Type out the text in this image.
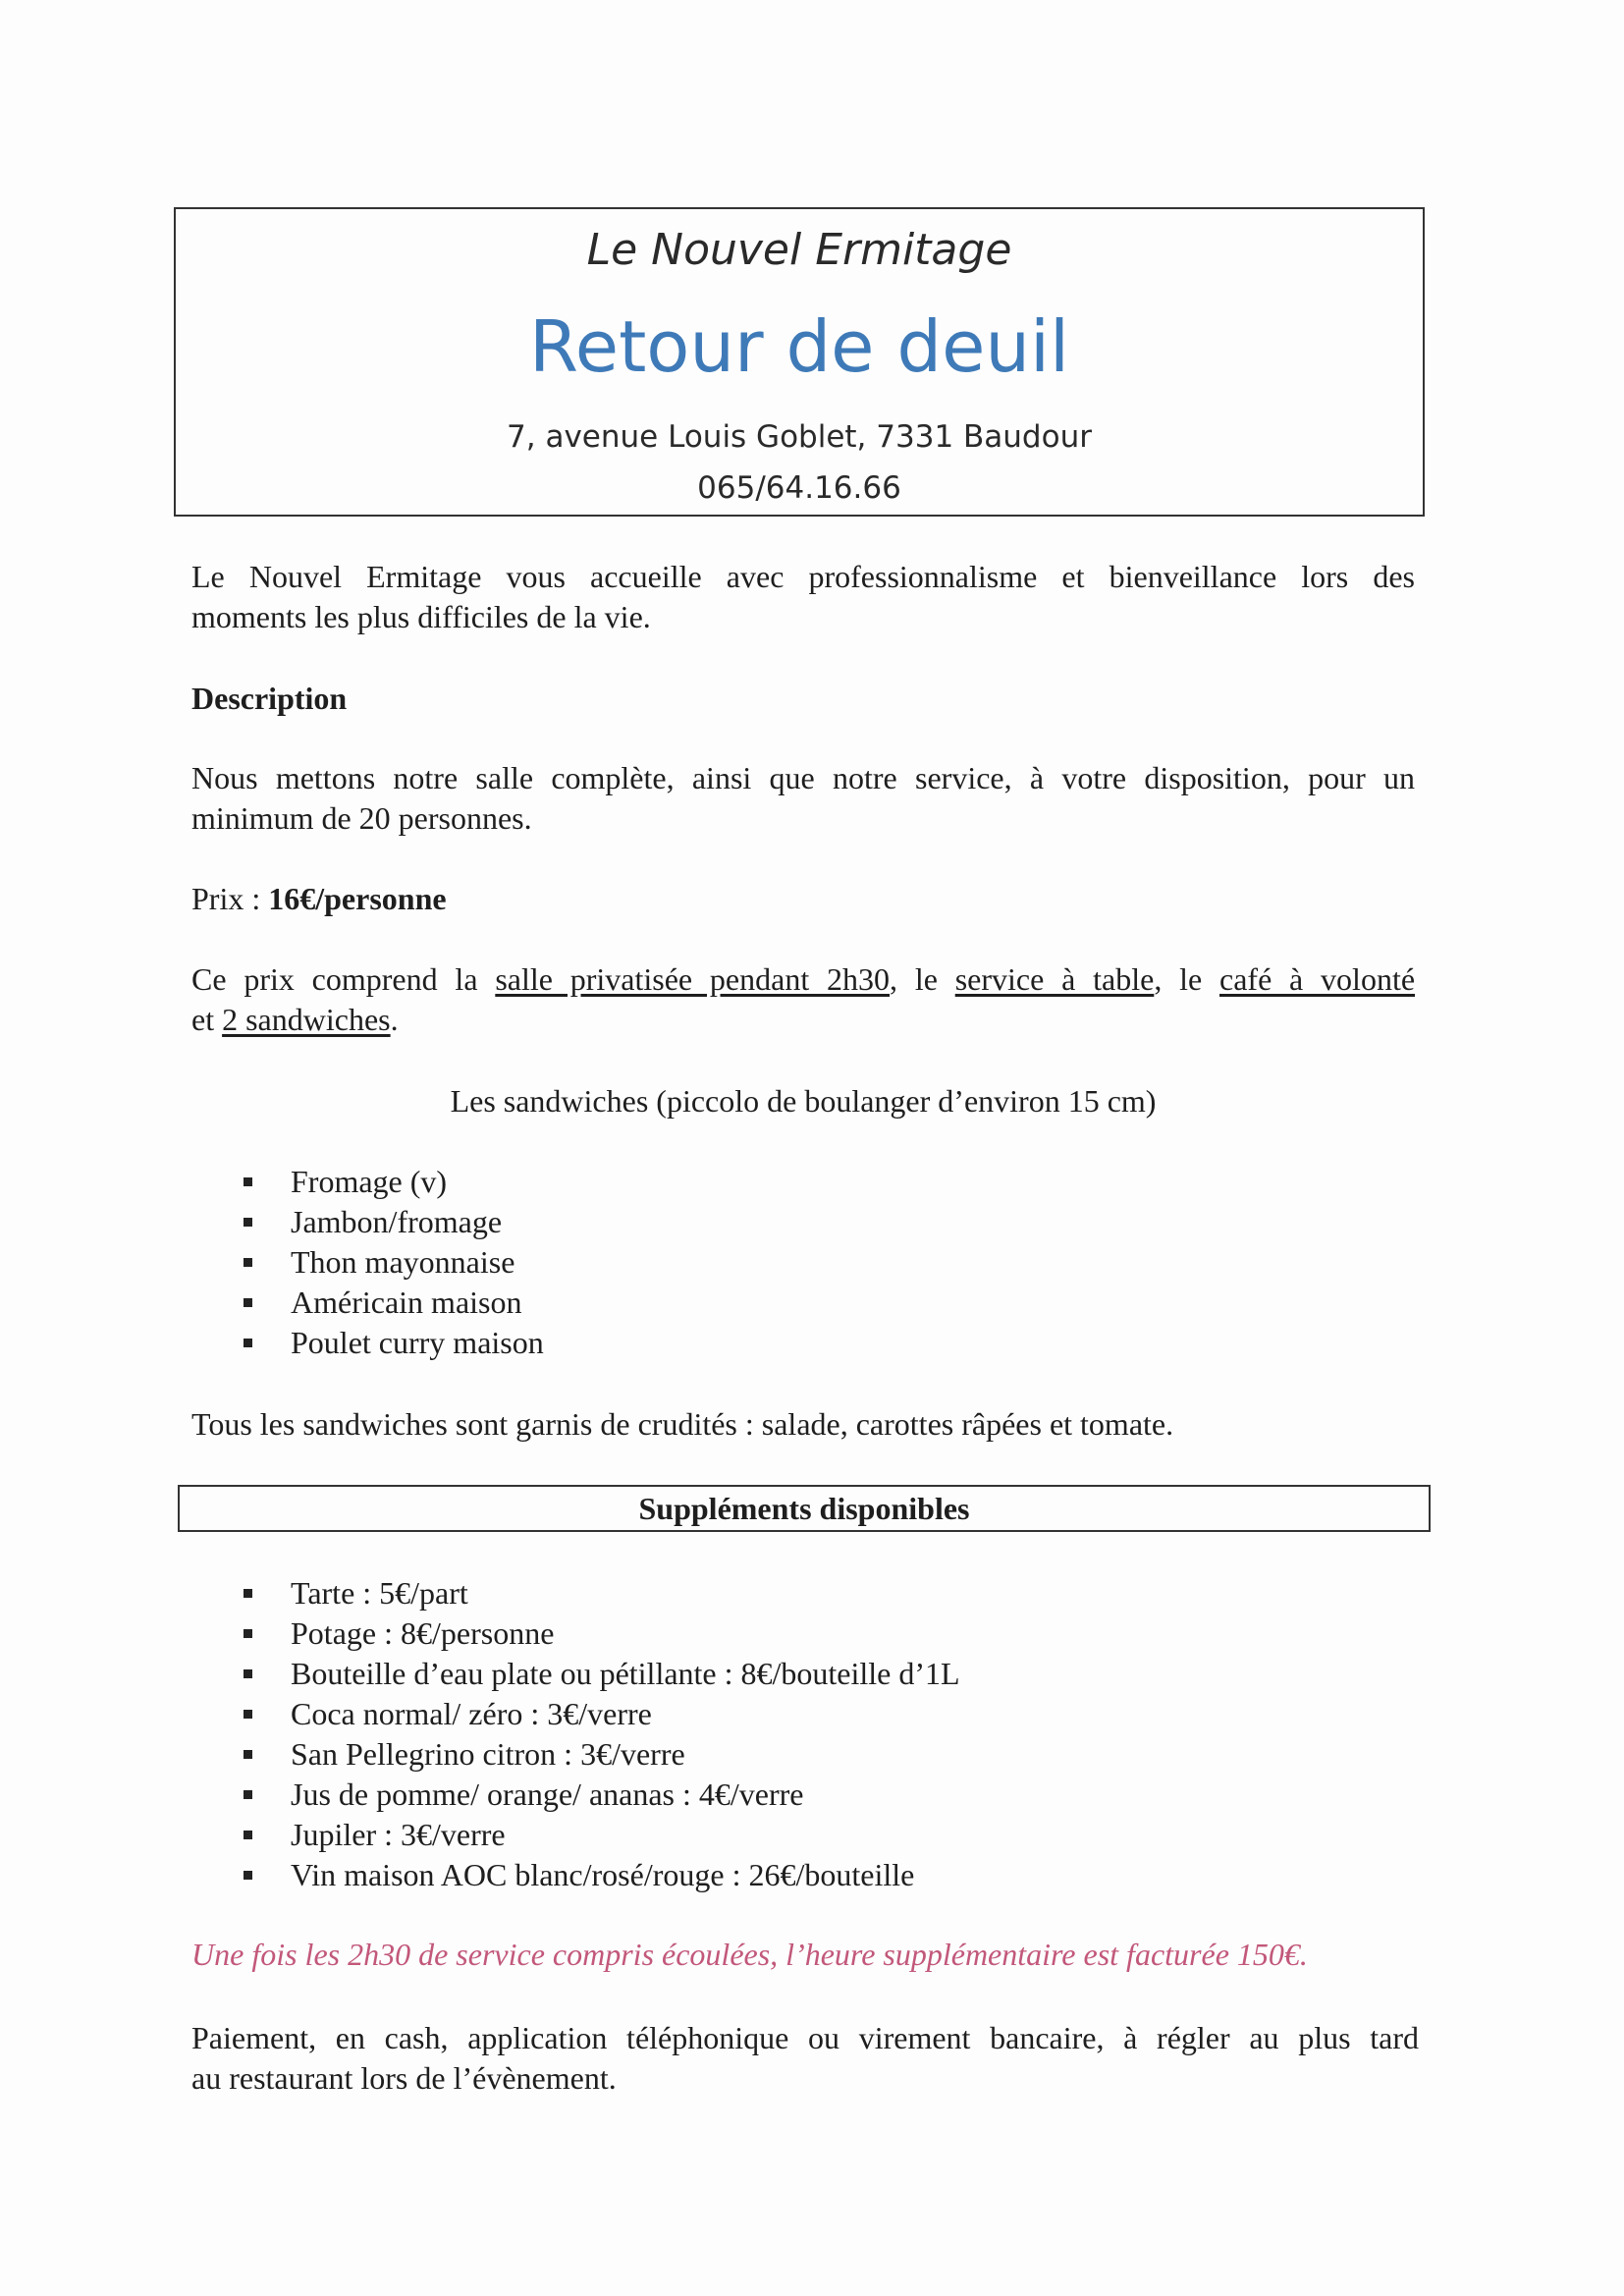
Le Nouvel Ermitage
Retour de deuil
7, avenue Louis Goblet, 7331 Baudour
065/64.16.66
Le Nouvel Ermitage vous accueille avec professionnalisme et bienveillance lors des
moments les plus difficiles de la vie.
Description
Nous mettons notre salle complète, ainsi que notre service, à votre disposition, pour un
minimum de 20 personnes.
Prix : 16€/personne
Ce prix comprend la salle privatisée pendant 2h30, le service à table, le café à volonté
et 2 sandwiches.
Les sandwiches (piccolo de boulanger d’environ 15 cm)
Fromage (v)
Jambon/fromage
Thon mayonnaise
Américain maison
Poulet curry maison
Tous les sandwiches sont garnis de crudités : salade, carottes râpées et tomate.
Suppléments disponibles
Tarte : 5€/part
Potage : 8€/personne
Bouteille d’eau plate ou pétillante : 8€/bouteille d’1L
Coca normal/ zéro : 3€/verre
San Pellegrino citron : 3€/verre
Jus de pomme/ orange/ ananas : 4€/verre
Jupiler : 3€/verre
Vin maison AOC blanc/rosé/rouge : 26€/bouteille
Une fois les 2h30 de service compris écoulées, l’heure supplémentaire est facturée 150€.
Paiement, en cash, application téléphonique ou virement bancaire, à régler au plus tard
au restaurant lors de l’évènement.
